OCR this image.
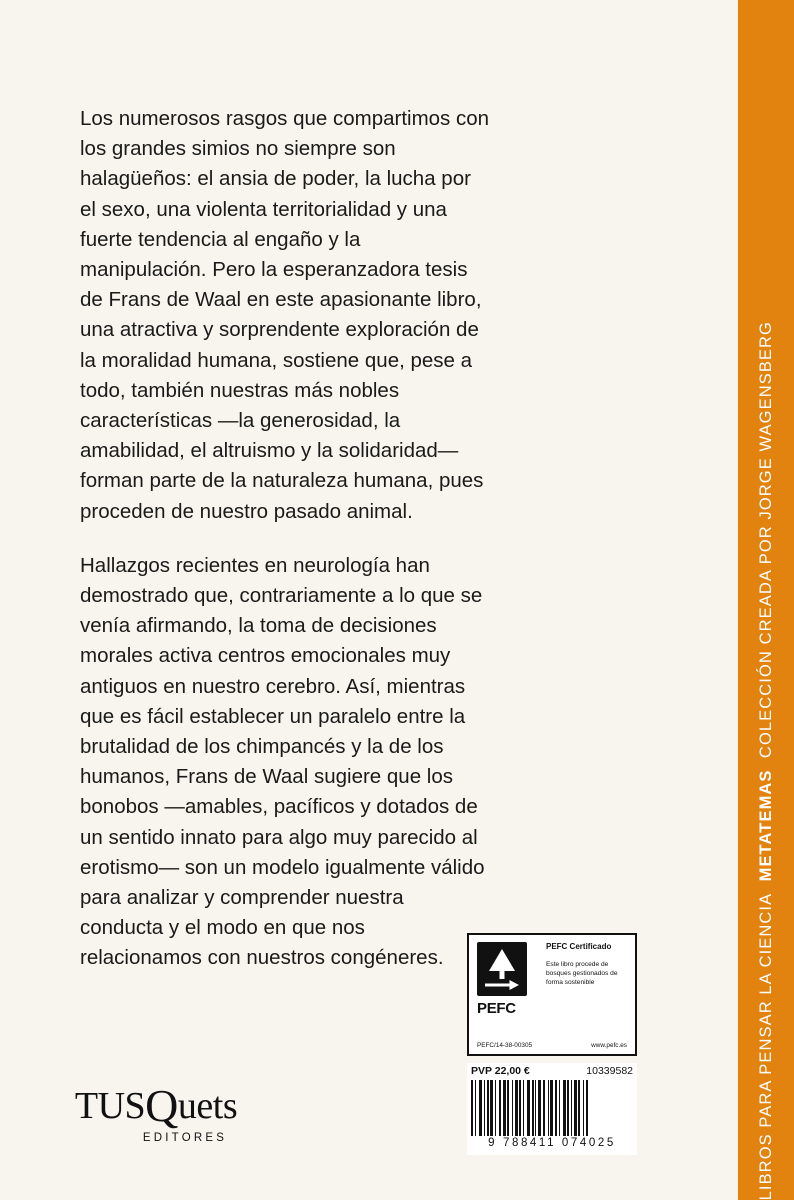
Los numerosos rasgos que compartimos con los grandes simios no siempre son halagüeños: el ansia de poder, la lucha por el sexo, una violenta territorialidad y una fuerte tendencia al engaño y la manipulación. Pero la esperanzadora tesis de Frans de Waal en este apasionante libro, una atractiva y sorprendente exploración de la moralidad humana, sostiene que, pese a todo, también nuestras más nobles características —la generosidad, la amabilidad, el altruismo y la solidaridad— forman parte de la naturaleza humana, pues proceden de nuestro pasado animal.

Hallazgos recientes en neurología han demostrado que, contrariamente a lo que se venía afirmando, la toma de decisiones morales activa centros emocionales muy antiguos en nuestro cerebro. Así, mientras que es fácil establecer un paralelo entre la brutalidad de los chimpancés y la de los humanos, Frans de Waal sugiere que los bonobos —amables, pacíficos y dotados de un sentido innato para algo muy parecido al erotismo— son un modelo igualmente válido para analizar y comprender nuestra conducta y el modo en que nos relacionamos con nuestros congéneres.	LIBROS PARA PENSAR LA CIENCIA  METATEMAS  COLECCIÓN CREADA POR JORGE WAGENSBERG
PEFC
PEFC Certificado
Este libro procede de bosques gestionados de forma sostenible
PEFC/14-38-00305	www.pefc.es
PVP 22,00 €	10339582
9 788411 074025
TUSQuets
EDITORES
